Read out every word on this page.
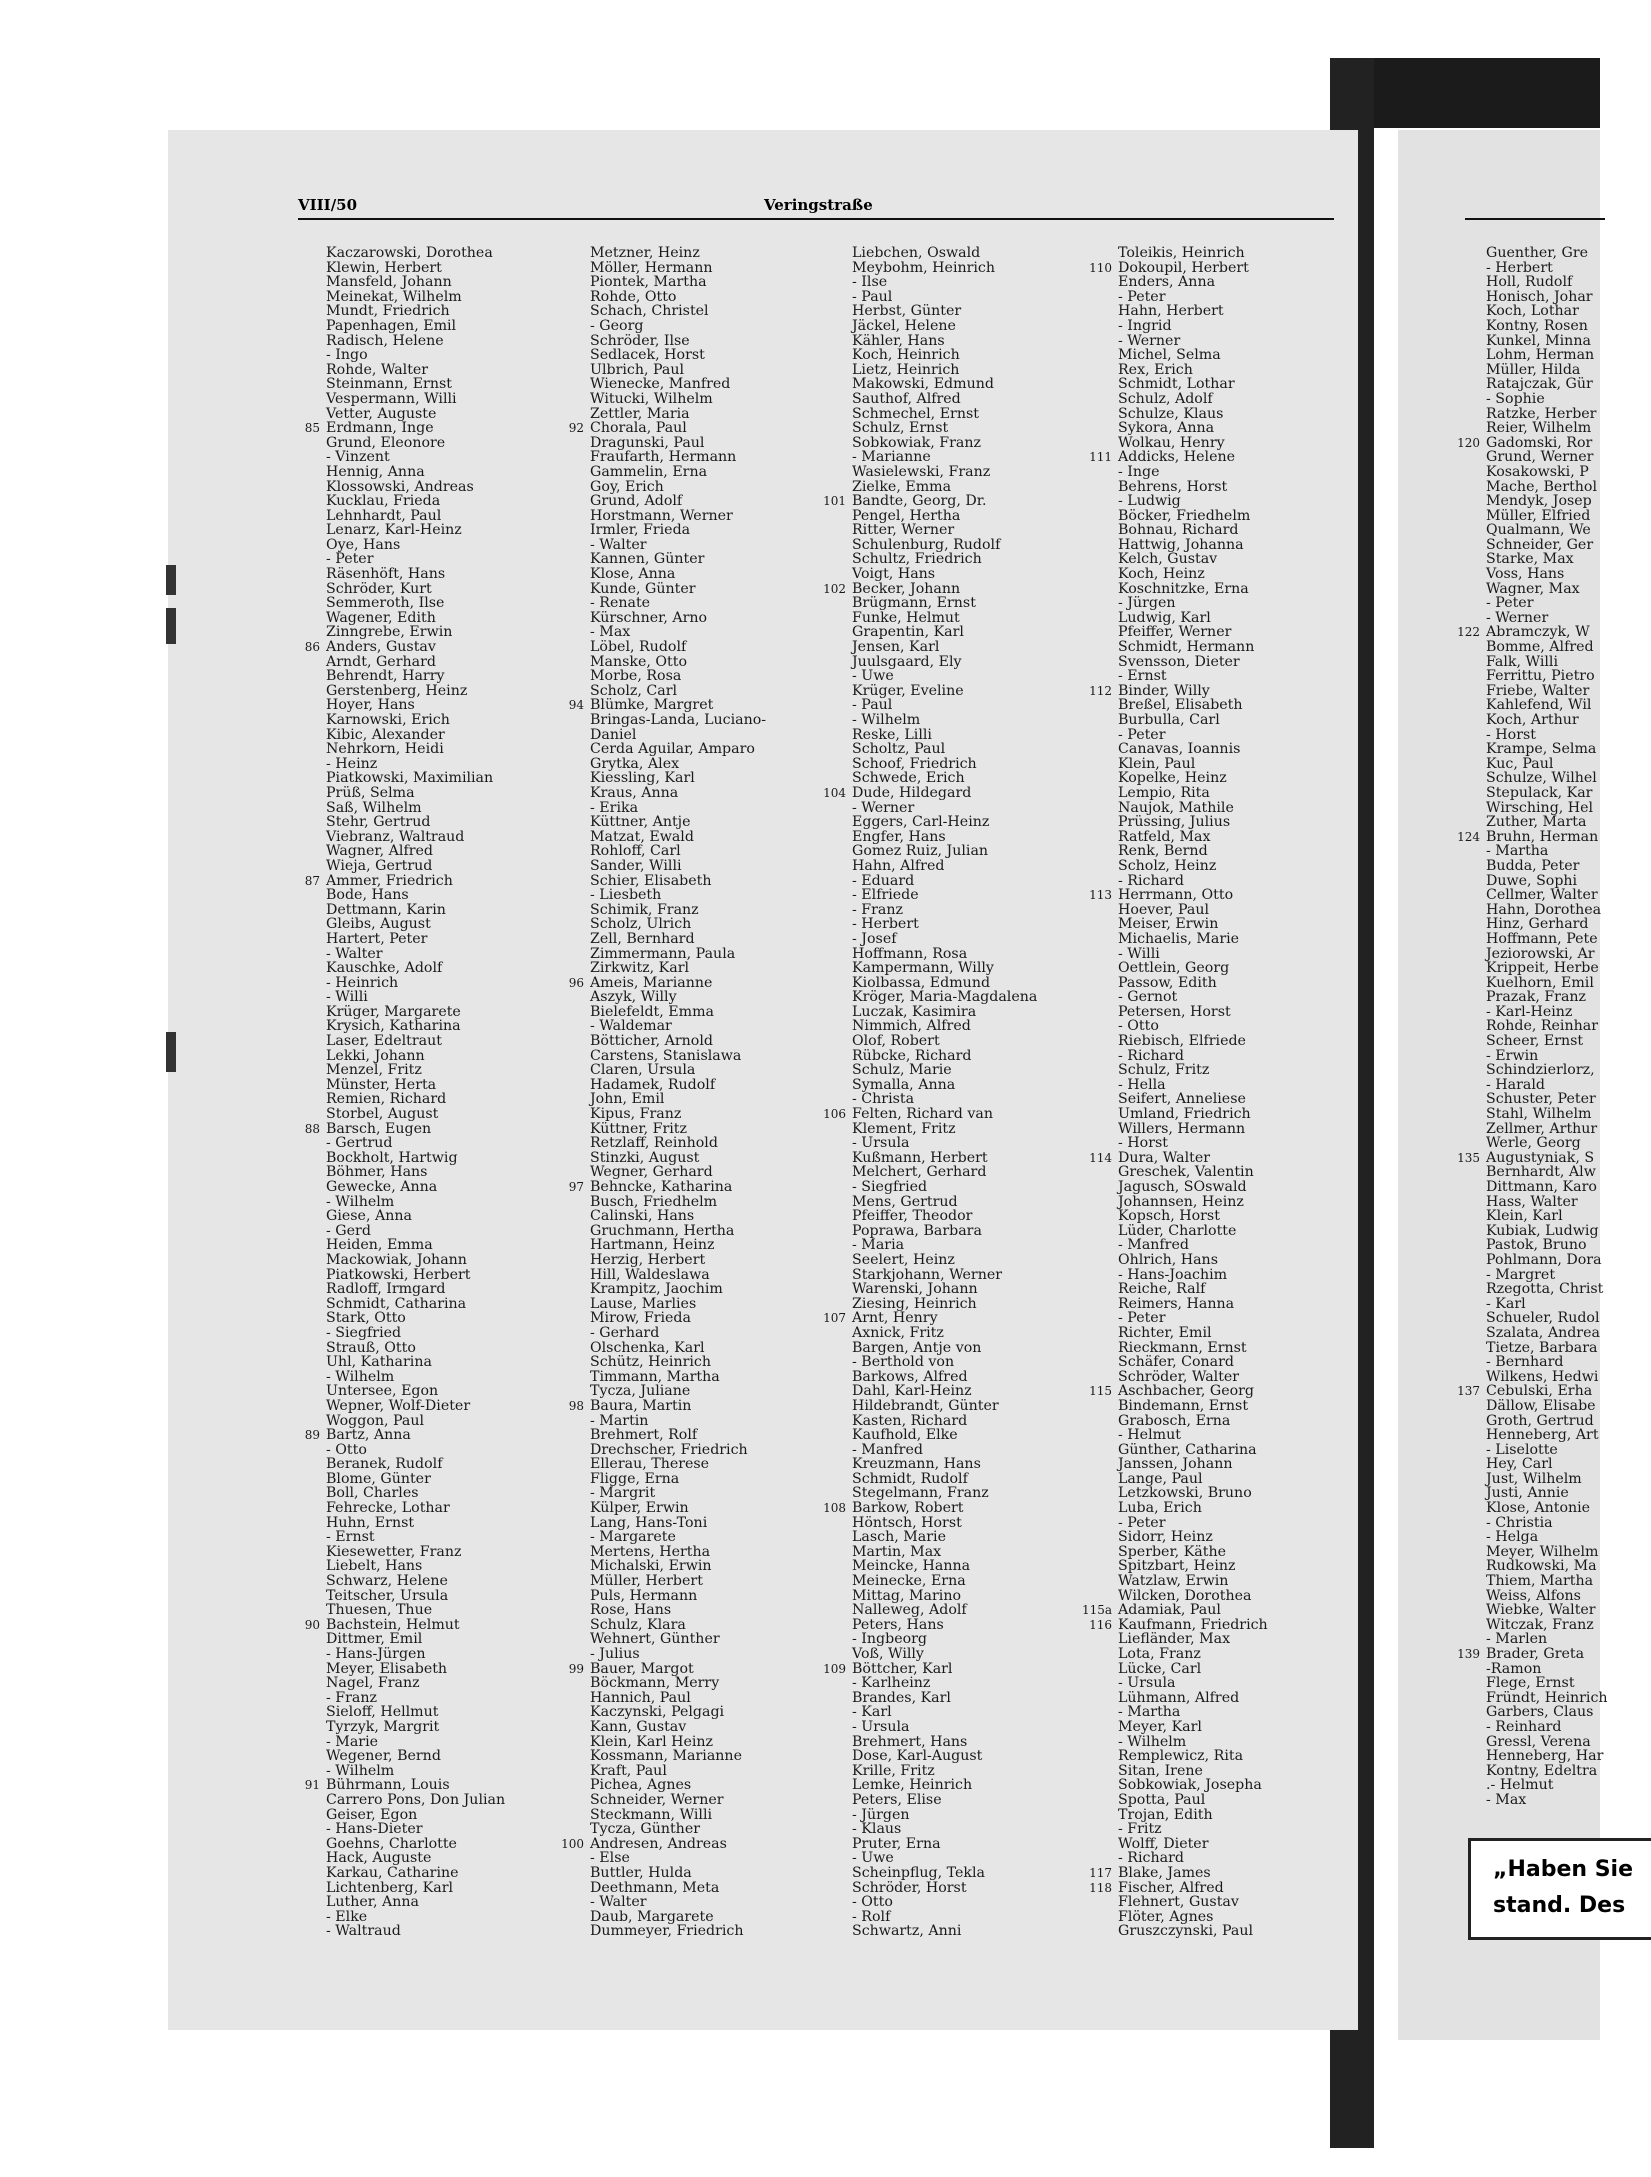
VIII/50	Veringstraße
Kaczarowski, Dorothea
Klewin, Herbert
Mansfeld, Johann
Meinekat, Wilhelm
Mundt, Friedrich
Papenhagen, Emil
Radisch, Helene
- Ingo
Rohde, Walter
Steinmann, Ernst
Vespermann, Willi
Vetter, Auguste
85 Erdmann, Inge
Grund, Eleonore
- Vinzent
Hennig, Anna
Klossowski, Andreas
Kucklau, Frieda
Lehnhardt, Paul
Lenarz, Karl-Heinz
Oye, Hans
- Peter
Räsenhöft, Hans
Schröder, Kurt
Semmeroth, Ilse
Wagener, Edith
Zinngrebe, Erwin
86 Anders, Gustav
Arndt, Gerhard
Behrendt, Harry
Gerstenberg, Heinz
Hoyer, Hans
Karnowski, Erich
Kibic, Alexander
Nehrkorn, Heidi
- Heinz
Piatkowski, Maximilian
Prüß, Selma
Saß, Wilhelm
Stehr, Gertrud
Viebranz, Waltraud
Wagner, Alfred
Wieja, Gertrud
87 Ammer, Friedrich
Bode, Hans
Dettmann, Karin
Gleibs, August
Hartert, Peter
- Walter
Kauschke, Adolf
- Heinrich
- Willi
Krüger, Margarete
Krysich, Katharina
Laser, Edeltraut
Lekki, Johann
Menzel, Fritz
Münster, Herta
Remien, Richard
Storbel, August
88 Barsch, Eugen
- Gertrud
Bockholt, Hartwig
Böhmer, Hans
Gewecke, Anna
- Wilhelm
Giese, Anna
- Gerd
Heiden, Emma
Mackowiak, Johann
Piatkowski, Herbert
Radloff, Irmgard
Schmidt, Catharina
Stark, Otto
- Siegfried
Strauß, Otto
Uhl, Katharina
- Wilhelm
Untersee, Egon
Wepner, Wolf-Dieter
Woggon, Paul
89 Bartz, Anna
- Otto
Beranek, Rudolf
Blome, Günter
Boll, Charles
Fehrecke, Lothar
Huhn, Ernst
- Ernst
Kiesewetter, Franz
Liebelt, Hans
Schwarz, Helene
Teitscher, Ursula
Thuesen, Thue
90 Bachstein, Helmut
Dittmer, Emil
- Hans-Jürgen
Meyer, Elisabeth
Nagel, Franz
- Franz
Sieloff, Hellmut
Tyrzyk, Margrit
- Marie
Wegener, Bernd
- Wilhelm
91 Bührmann, Louis
Carrero Pons, Don Julian
Geiser, Egon
- Hans-Dieter
Goehns, Charlotte
Hack, Auguste
Karkau, Catharine
Lichtenberg, Karl
Luther, Anna
- Elke
- Waltraud
Metzner, Heinz
Möller, Hermann
Piontek, Martha
Rohde, Otto
Schach, Christel
- Georg
Schröder, Ilse
Sedlacek, Horst
Ulbrich, Paul
Wienecke, Manfred
Witucki, Wilhelm
Zettler, Maria
92 Chorala, Paul
Dragunski, Paul
Fraufarth, Hermann
Gammelin, Erna
Goy, Erich
Grund, Adolf
Horstmann, Werner
Irmler, Frieda
- Walter
Kannen, Günter
Klose, Anna
Kunde, Günter
- Renate
Kürschner, Arno
- Max
Löbel, Rudolf
Manske, Otto
Morbe, Rosa
Scholz, Carl
94 Blümke, Margret
Bringas-Landa, Luciano-
Daniel
Cerda Aguilar, Amparo
Grytka, Alex
Kiessling, Karl
Kraus, Anna
- Erika
Küttner, Antje
Matzat, Ewald
Rohloff, Carl
Sander, Willi
Schier, Elisabeth
- Liesbeth
Schimik, Franz
Scholz, Ulrich
Zell, Bernhard
Zimmermann, Paula
Zirkwitz, Karl
96 Ameis, Marianne
Aszyk, Willy
Bielefeldt, Emma
- Waldemar
Bötticher, Arnold
Carstens, Stanislawa
Claren, Ursula
Hadamek, Rudolf
John, Emil
Kipus, Franz
Küttner, Fritz
Retzlaff, Reinhold
Stinzki, August
Wegner, Gerhard
97 Behncke, Katharina
Busch, Friedhelm
Calinski, Hans
Gruchmann, Hertha
Hartmann, Heinz
Herzig, Herbert
Hill, Waldeslawa
Krampitz, Jaochim
Lause, Marlies
Mirow, Frieda
- Gerhard
Olschenka, Karl
Schütz, Heinrich
Timmann, Martha
Tycza, Juliane
98 Baura, Martin
- Martin
Brehmert, Rolf
Drechscher, Friedrich
Ellerau, Therese
Fligge, Erna
- Margrit
Külper, Erwin
Lang, Hans-Toni
- Margarete
Mertens, Hertha
Michalski, Erwin
Müller, Herbert
Puls, Hermann
Rose, Hans
Schulz, Klara
Wehnert, Günther
- Julius
99 Bauer, Margot
Böckmann, Merry
Hannich, Paul
Kaczynski, Pelgagi
Kann, Gustav
Klein, Karl Heinz
Kossmann, Marianne
Kraft, Paul
Pichea, Agnes
Schneider, Werner
Steckmann, Willi
Tycza, Günther
100 Andresen, Andreas
- Else
Buttler, Hulda
Deethmann, Meta
- Walter
Daub, Margarete
Dummeyer, Friedrich
Liebchen, Oswald
Meybohm, Heinrich
- Ilse
- Paul
Herbst, Günter
Jäckel, Helene
Kähler, Hans
Koch, Heinrich
Lietz, Heinrich
Makowski, Edmund
Sauthof, Alfred
Schmechel, Ernst
Schulz, Ernst
Sobkowiak, Franz
- Marianne
Wasielewski, Franz
Zielke, Emma
101 Bandte, Georg, Dr.
Pengel, Hertha
Ritter, Werner
Schulenburg, Rudolf
Schultz, Friedrich
Voigt, Hans
102 Becker, Johann
Brügmann, Ernst
Funke, Helmut
Grapentin, Karl
Jensen, Karl
Juulsgaard, Ely
- Uwe
Krüger, Eveline
- Paul
- Wilhelm
Reske, Lilli
Scholtz, Paul
Schoof, Friedrich
Schwede, Erich
104 Dude, Hildegard
- Werner
Eggers, Carl-Heinz
Engfer, Hans
Gomez Ruiz, Julian
Hahn, Alfred
- Eduard
- Elfriede
- Franz
- Herbert
- Josef
Hoffmann, Rosa
Kampermann, Willy
Kiolbassa, Edmund
Kröger, Maria-Magdalena
Luczak, Kasimira
Nimmich, Alfred
Olof, Robert
Rübcke, Richard
Schulz, Marie
Symalla, Anna
- Christa
106 Felten, Richard van
Klement, Fritz
- Ursula
Kußmann, Herbert
Melchert, Gerhard
- Siegfried
Mens, Gertrud
Pfeiffer, Theodor
Poprawa, Barbara
- Maria
Seelert, Heinz
Starkjohann, Werner
Warenski, Johann
Ziesing, Heinrich
107 Arnt, Henry
Axnick, Fritz
Bargen, Antje von
- Berthold von
Barkows, Alfred
Dahl, Karl-Heinz
Hildebrandt, Günter
Kasten, Richard
Kaufhold, Elke
- Manfred
Kreuzmann, Hans
Schmidt, Rudolf
Stegelmann, Franz
108 Barkow, Robert
Höntsch, Horst
Lasch, Marie
Martin, Max
Meincke, Hanna
Meinecke, Erna
Mittag, Marino
Nalleweg, Adolf
Peters, Hans
- Ingbeorg
Voß, Willy
109 Böttcher, Karl
- Karlheinz
Brandes, Karl
- Karl
- Ursula
Brehmert, Hans
Dose, Karl-August
Krille, Fritz
Lemke, Heinrich
Peters, Elise
- Jürgen
- Klaus
Pruter, Erna
- Uwe
Scheinpflug, Tekla
Schröder, Horst
- Otto
- Rolf
Schwartz, Anni
Toleikis, Heinrich
110 Dokoupil, Herbert
Enders, Anna
- Peter
Hahn, Herbert
- Ingrid
- Werner
Michel, Selma
Rex, Erich
Schmidt, Lothar
Schulz, Adolf
Schulze, Klaus
Sykora, Anna
Wolkau, Henry
111 Addicks, Helene
- Inge
Behrens, Horst
- Ludwig
Böcker, Friedhelm
Bohnau, Richard
Hattwig, Johanna
Kelch, Gustav
Koch, Heinz
Koschnitzke, Erna
- Jürgen
Ludwig, Karl
Pfeiffer, Werner
Schmidt, Hermann
Svensson, Dieter
- Ernst
112 Binder, Willy
Breßel, Elisabeth
Burbulla, Carl
- Peter
Canavas, Ioannis
Klein, Paul
Kopelke, Heinz
Lempio, Rita
Naujok, Mathile
Prüssing, Julius
Ratfeld, Max
Renk, Bernd
Scholz, Heinz
- Richard
113 Herrmann, Otto
Hoever, Paul
Meiser, Erwin
Michaelis, Marie
- Willi
Oettlein, Georg
Passow, Edith
- Gernot
Petersen, Horst
- Otto
Riebisch, Elfriede
- Richard
Schulz, Fritz
- Hella
Seifert, Anneliese
Umland, Friedrich
Willers, Hermann
- Horst
114 Dura, Walter
Greschek, Valentin
Jagusch, SOswald
Johannsen, Heinz
Kopsch, Horst
Lüder, Charlotte
- Manfred
Ohlrich, Hans
- Hans-Joachim
Reiche, Ralf
Reimers, Hanna
- Peter
Richter, Emil
Rieckmann, Ernst
Schäfer, Conard
Schröder, Walter
115 Aschbacher, Georg
Bindemann, Ernst
Grabosch, Erna
- Helmut
Günther, Catharina
Janssen, Johann
Lange, Paul
Letzkowski, Bruno
Luba, Erich
- Peter
Sidorr, Heinz
Sperber, Käthe
Spitzbart, Heinz
Watzlaw, Erwin
Wilcken, Dorothea
115a Adamiak, Paul
116 Kaufmann, Friedrich
Liefländer, Max
Lota, Franz
Lücke, Carl
- Ursula
Lühmann, Alfred
- Martha
Meyer, Karl
- Wilhelm
Remplewicz, Rita
Sitan, Irene
Sobkowiak, Josepha
Spotta, Paul
Trojan, Edith
- Fritz
Wolff, Dieter
- Richard
117 Blake, James
118 Fischer, Alfred
Flehnert, Gustav
Flöter, Agnes
Gruszczynski, Paul
Guenther, Gre
- Herbert
Holl, Rudolf
Honisch, Johar
Koch, Lothar
Kontny, Rosen
Kunkel, Minna
Lohm, Herman
Müller, Hilda
Ratajczak, Gür
- Sophie
Ratzke, Herber
Reier, Wilhelm
120 Gadomski, Ror
Grund, Werner
Kosakowski, P
Mache, Berthol
Mendyk, Josep
Müller, Elfried
Qualmann, We
Schneider, Ger
Starke, Max
Voss, Hans
Wagner, Max
- Peter
- Werner
122 Abramczyk, W
Bomme, Alfred
Falk, Willi
Ferrittu, Pietro
Friebe, Walter
Kahlefend, Wil
Koch, Arthur
- Horst
Krampe, Selma
Kuc, Paul
Schulze, Wilhel
Stepulack, Kar
Wirsching, Hel
Zuther, Marta
124 Bruhn, Herman
- Martha
Budda, Peter
Duwe, Sophi
Cellmer, Walter
Hahn, Dorothea
Hinz, Gerhard
Hoffmann, Pete
Jeziorowski, Ar
Krippeit, Herbe
Kuelhorn, Emil
Prazak, Franz
- Karl-Heinz
Rohde, Reinhar
Scheer, Ernst
- Erwin
Schindzierlorz,
- Harald
Schuster, Peter
Stahl, Wilhelm
Zellmer, Arthur
Werle, Georg
135 Augustyniak, S
Bernhardt, Alw
Dittmann, Karo
Hass, Walter
Klein, Karl
Kubiak, Ludwig
Pastok, Bruno
Pohlmann, Dora
- Margret
Rzegotta, Christ
- Karl
Schueler, Rudol
Szalata, Andrea
Tietze, Barbara
- Bernhard
Wilkens, Hedwi
137 Cebulski, Erha
Dällow, Elisabe
Groth, Gertrud
Henneberg, Art
- Liselotte
Hey, Carl
Just, Wilhelm
Justi, Annie
Klose, Antonie
- Christia
- Helga
Meyer, Wilhelm
Rudkowski, Ma
Thiem, Martha
Weiss, Alfons
Wiebke, Walter
Witczak, Franz
- Marlen
139 Brader, Greta
-Ramon
Flege, Ernst
Fründt, Heinrich
Garbers, Claus
- Reinhard
Gressl, Verena
Henneberg, Har
Kontny, Edeltra
.- Helmut
- Max
„Haben Sie
stand. Des
